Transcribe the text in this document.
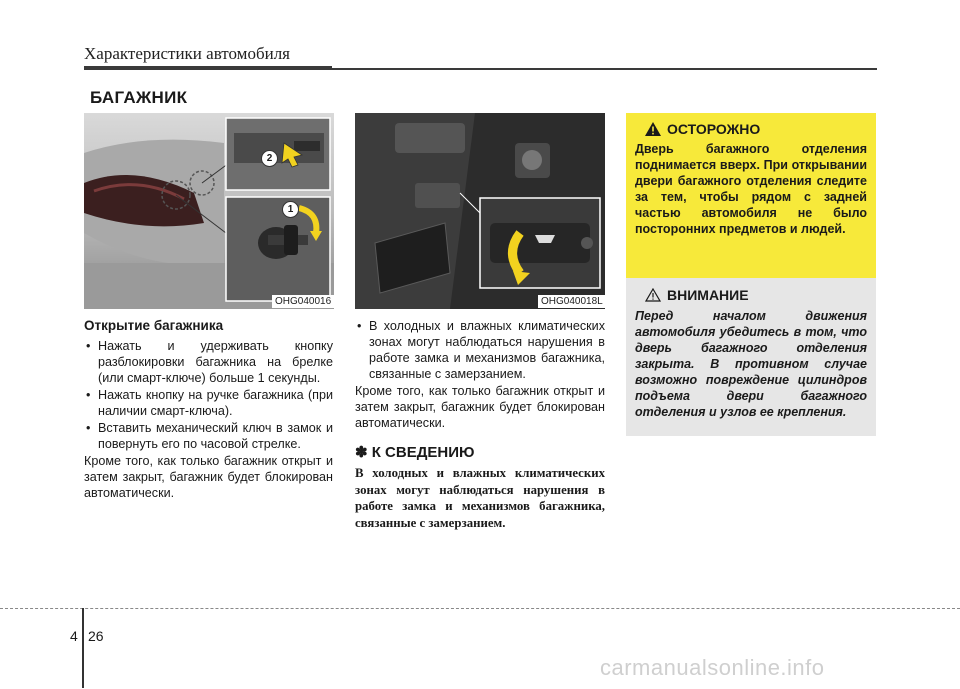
Характеристики автомобиля
БАГАЖНИК
2
1
OHG040016	OHG040018L
Открытие багажника
• Нажать и удерживать кнопку разблокировки багажника на брелке (или смарт-ключе) больше 1 секунды.
• Нажать кнопку на ручке багажника (при наличии смарт-ключа).
• Вставить механический ключ в замок и повернуть его по часовой стрелке.

Кроме того, как только багажник открыт и затем закрыт, багажник будет блокирован автоматически.

• В холодных и влажных климатических зонах могут наблюдаться нарушения в работе замка и механизмов багажника, связанные с замерзанием.

Кроме того, как только багажник открыт и затем закрыт, багажник будет блокирован автоматически.

✽ К СВЕДЕНИЮ
В холодных и влажных климатических зонах могут наблюдаться нарушения в работе замка и механизмов багажника, связанные с замерзанием.
ОСТОРОЖНО
Дверь багажного отделения поднимается вверх. При открывании двери багажного отделения следите за тем, чтобы рядом с задней частью автомобиля не было посторонних предметов и людей.
ВНИМАНИЕ
Перед началом движения автомобиля убедитесь в том, что дверь багажного отделения закрыта. В противном случае возможно повреждение цилиндров подъема двери багажного отделения и узлов ее крепления.
4 26
carmanualsonline.info
